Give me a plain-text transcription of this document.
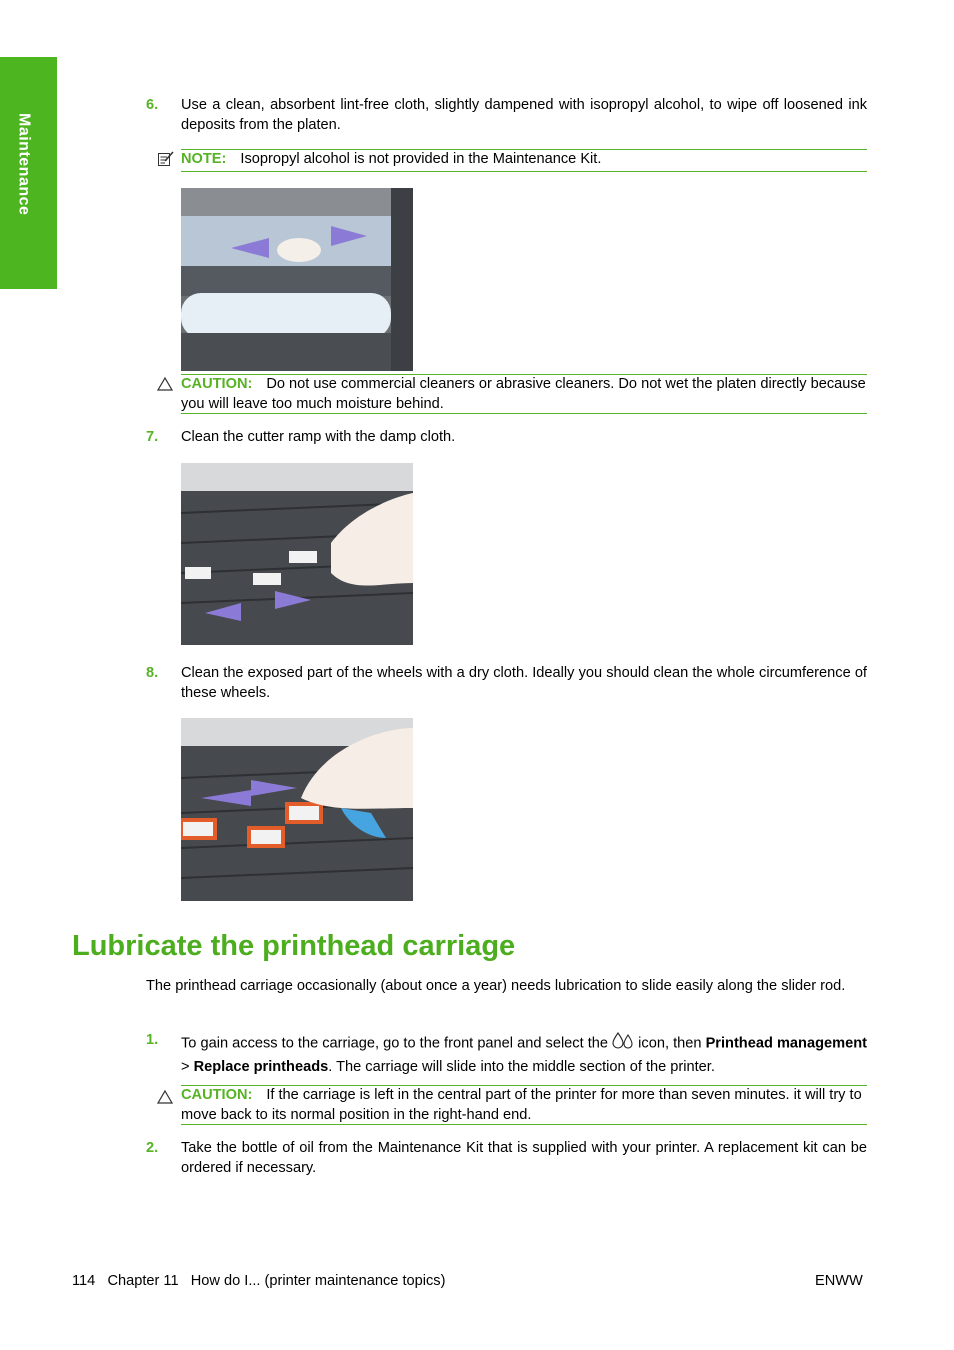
Maintenance
6. Use a clean, absorbent lint-free cloth, slightly dampened with isopropyl alcohol, to wipe off loosened ink deposits from the platen.
NOTE: Isopropyl alcohol is not provided in the Maintenance Kit.
CAUTION: Do not use commercial cleaners or abrasive cleaners. Do not wet the platen directly because you will leave too much moisture behind.
7. Clean the cutter ramp with the damp cloth.
8. Clean the exposed part of the wheels with a dry cloth. Ideally you should clean the whole circumference of these wheels.
Lubricate the printhead carriage
The printhead carriage occasionally (about once a year) needs lubrication to slide easily along the slider rod.
1. To gain access to the carriage, go to the front panel and select the icon, then Printhead management > Replace printheads. The carriage will slide into the middle section of the printer.
CAUTION: If the carriage is left in the central part of the printer for more than seven minutes. it will try to move back to its normal position in the right-hand end.
2. Take the bottle of oil from the Maintenance Kit that is supplied with your printer. A replacement kit can be ordered if necessary.
114 Chapter 11 How do I... (printer maintenance topics)	ENWW
